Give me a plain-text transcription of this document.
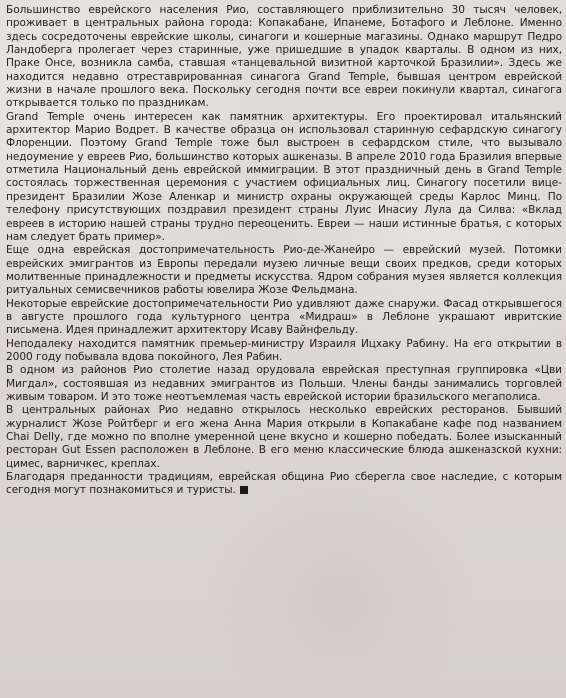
Большинство еврейского населения Рио, составляющего приблизительно 30 тысяч человек, проживает в центральных района города: Копакабане, Ипанеме, Ботафого и Леблоне. Именно здесь сосредоточены еврейские школы, синагоги и кошерные магазины. Однако маршрут Педро Ландоберга пролегает через старинные, уже пришедшие в упадок кварталы. В одном из них, Праке Онсе, возникла самба, ставшая «танцевальной визитной карточкой Бразилии». Здесь же находится недавно отреставрированная синагога Grand Temple, бывшая центром еврейской жизни в начале прошлого века. Поскольку сегодня почти все евреи покинули квартал, синагога открывается только по праздникам.

Grand Temple очень интересен как памятник архитектуры. Его проектировал итальянский архитектор Марио Водрет. В качестве образца он использовал старинную сефардскую синагогу Флоренции. Поэтому Grand Temple тоже был выстроен в сефардском стиле, что вызывало недоумение у евреев Рио, большинство которых ашкеназы. В апреле 2010 года Бразилия впервые отметила Национальный день еврейской иммиграции. В этот праздничный день в Grand Temple состоялась торжественная церемония с участием официальных лиц. Синагогу посетили вице-президент Бразилии Жозе Аленкар и министр охраны окружающей среды Карлос Минц. По телефону присутствующих поздравил президент страны Луис Инасиу Лула да Силва: «Вклад евреев в историю нашей страны трудно переоценить. Евреи — наши истинные братья, с которых нам следует брать пример».

Еще одна еврейская достопримечательность Рио-де-Жанейро — еврейский музей. Потомки еврейских эмигрантов из Европы передали музею личные вещи своих предков, среди которых молитвенные принадлежности и предметы искусства. Ядром собрания музея является коллекция ритуальных семисвечников работы ювелира Жозе Фельдмана.

Некоторые еврейские достопримечательности Рио удивляют даже снаружи. Фасад открывшегося в августе прошлого года культурного центра «Мидраш» в Леблоне украшают ивритские письмена. Идея принадлежит архитектору Исаву Вайнфельду.

Неподалеку находится памятник премьер-министру Израиля Ицхаку Рабину. На его открытии в 2000 году побывала вдова покойного, Лея Рабин.

В одном из районов Рио столетие назад орудовала еврейская преступная группировка «Цви Мигдал», состоявшая из недавних эмигрантов из Польши. Члены банды занимались торговлей живым товаром. И это тоже неотъемлемая часть еврейской истории бразильского мегаполиса.

В центральных районах Рио недавно открылось несколько еврейских ресторанов. Бывший журналист Жозе Ройтберг и его жена Анна Мария открыли в Копакабане кафе под названием Chai Delly, где можно по вполне умеренной цене вкусно и кошерно победать. Более изысканный ресторан Gut Essen расположен в Леблоне. В его меню классические блюда ашкеназской кухни: цимес, варничкес, креплах.

Благодаря преданности традициям, еврейская община Рио сберегла свое наследие, с которым сегодня могут познакомиться и туристы.
